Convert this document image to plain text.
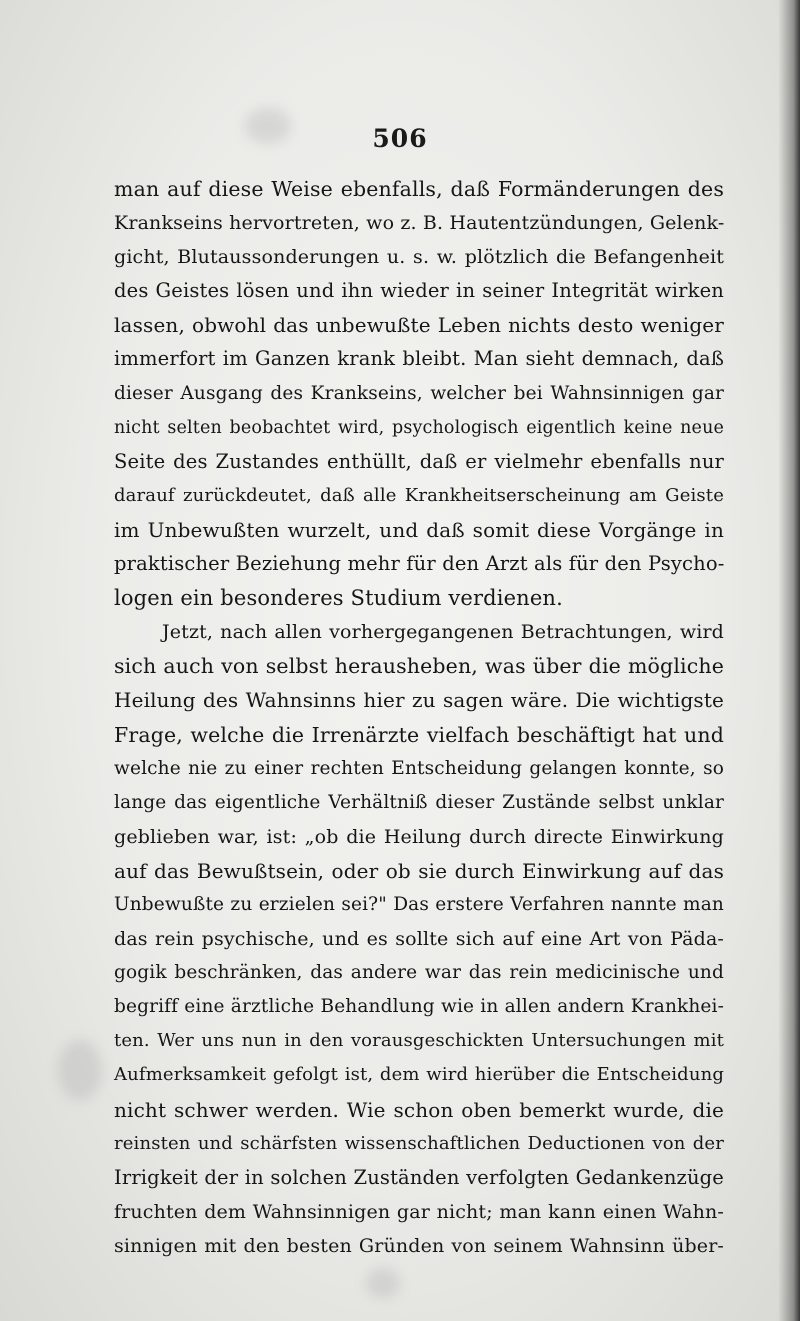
506
man auf diese Weise ebenfalls, daß Formänderungen des
Krankseins hervortreten, wo z. B. Hautentzündungen, Gelenk-
gicht, Blutaussonderungen u. s. w. plötzlich die Befangenheit
des Geistes lösen und ihn wieder in seiner Integrität wirken
lassen, obwohl das unbewußte Leben nichts desto weniger
immerfort im Ganzen krank bleibt. Man sieht demnach, daß
dieser Ausgang des Krankseins, welcher bei Wahnsinnigen gar
nicht selten beobachtet wird, psychologisch eigentlich keine neue
Seite des Zustandes enthüllt, daß er vielmehr ebenfalls nur
darauf zurückdeutet, daß alle Krankheitserscheinung am Geiste
im Unbewußten wurzelt, und daß somit diese Vorgänge in
praktischer Beziehung mehr für den Arzt als für den Psycho-
logen ein besonderes Studium verdienen.
Jetzt, nach allen vorhergegangenen Betrachtungen, wird
sich auch von selbst herausheben, was über die mögliche
Heilung des Wahnsinns hier zu sagen wäre. Die wichtigste
Frage, welche die Irrenärzte vielfach beschäftigt hat und
welche nie zu einer rechten Entscheidung gelangen konnte, so
lange das eigentliche Verhältniß dieser Zustände selbst unklar
geblieben war, ist: „ob die Heilung durch directe Einwirkung
auf das Bewußtsein, oder ob sie durch Einwirkung auf das
Unbewußte zu erzielen sei?" Das erstere Verfahren nannte man
das rein psychische, und es sollte sich auf eine Art von Päda-
gogik beschränken, das andere war das rein medicinische und
begriff eine ärztliche Behandlung wie in allen andern Krankhei-
ten. Wer uns nun in den vorausgeschickten Untersuchungen mit
Aufmerksamkeit gefolgt ist, dem wird hierüber die Entscheidung
nicht schwer werden. Wie schon oben bemerkt wurde, die
reinsten und schärfsten wissenschaftlichen Deductionen von der
Irrigkeit der in solchen Zuständen verfolgten Gedankenzüge
fruchten dem Wahnsinnigen gar nicht; man kann einen Wahn-
sinnigen mit den besten Gründen von seinem Wahnsinn über-
